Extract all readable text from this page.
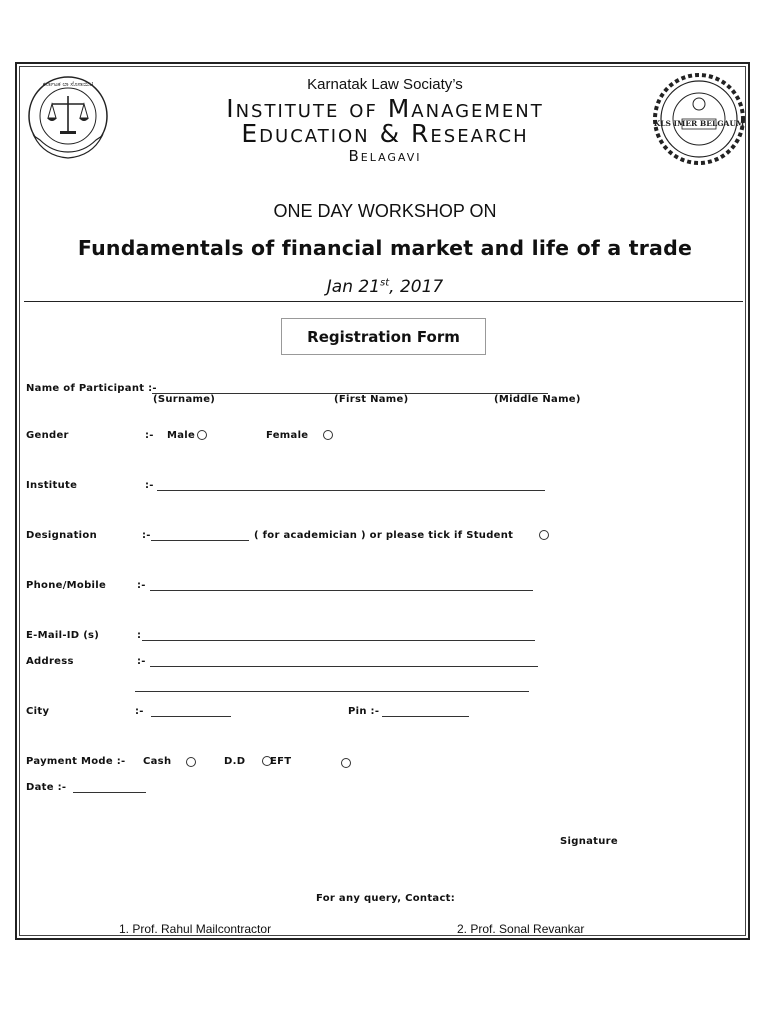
ಕರ್ನಾಟಕ ಲಾ ಸೊಸಾಯಿಟಿ
KLS IMER BELGAUM
Karnatak Law Sociaty’s
Institute of Management
Education & Research
Belagavi
ONE DAY WORKSHOP ON
Fundamentals of financial market and life of a trade
Jan 21st, 2017
Registration Form
Name of Participant :-
(Surname)	(First Name)	(Middle Name)
Gender	:- Male	Female
Institute	:-
Designation	:-	( for academician ) or please tick if Student
Phone/Mobile	:-
E-Mail-ID (s)	:
Address	:-
City	:-	Pin :-
Payment Mode :- Cash	D.D EFT
Date :-
Signature
For any query, Contact:
1. Prof. Rahul Mailcontractor	2. Prof. Sonal Revankar
